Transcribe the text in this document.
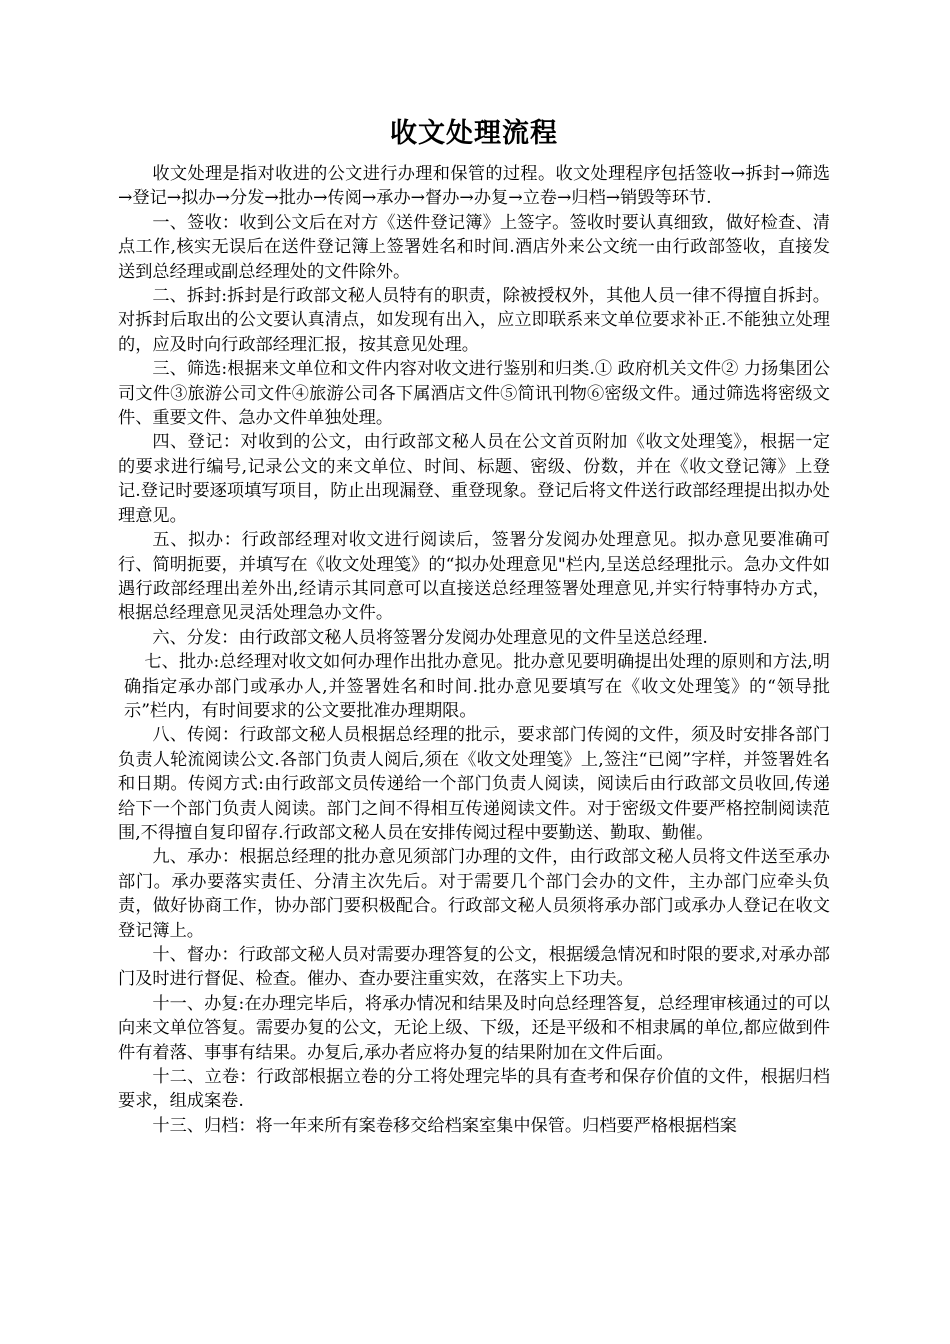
收文处理流程

收文处理是指对收进的公文进行办理和保管的过程。收文处理程序包括签收→拆封→筛选→登记→拟办→分发→批办→传阅→承办→督办→办复→立卷→归档→销毁等环节.

一、签收：收到公文后在对方《送件登记簿》上签字。签收时要认真细致，做好检查、清点工作,核实无误后在送件登记簿上签署姓名和时间.酒店外来公文统一由行政部签收，直接发送到总经理或副总经理处的文件除外。

二、拆封:拆封是行政部文秘人员特有的职责，除被授权外，其他人员一律不得擅自拆封。对拆封后取出的公文要认真清点，如发现有出入，应立即联系来文单位要求补正.不能独立处理的，应及时向行政部经理汇报，按其意见处理。

三、筛选:根据来文单位和文件内容对收文进行鉴别和归类.① 政府机关文件② 力扬集团公司文件③旅游公司文件④旅游公司各下属酒店文件⑤简讯刊物⑥密级文件。通过筛选将密级文件、重要文件、急办文件单独处理。

四、登记：对收到的公文，由行政部文秘人员在公文首页附加《收文处理笺》，根据一定的要求进行编号,记录公文的来文单位、时间、标题、密级、份数，并在《收文登记簿》上登记.登记时要逐项填写项目，防止出现漏登、重登现象。登记后将文件送行政部经理提出拟办处理意见。

五、拟办：行政部经理对收文进行阅读后，签署分发阅办处理意见。拟办意见要准确可行、简明扼要，并填写在《收文处理笺》的“拟办处理意见"栏内,呈送总经理批示。急办文件如遇行政部经理出差外出,经请示其同意可以直接送总经理签署处理意见,并实行特事特办方式，根据总经理意见灵活处理急办文件。

六、分发：由行政部文秘人员将签署分发阅办处理意见的文件呈送总经理.

七、批办:总经理对收文如何办理作出批办意见。批办意见要明确提出处理的原则和方法,明确指定承办部门或承办人,并签署姓名和时间.批办意见要填写在《收文处理笺》的“领导批示”栏内，有时间要求的公文要批准办理期限。

八、传阅：行政部文秘人员根据总经理的批示，要求部门传阅的文件，须及时安排各部门负责人轮流阅读公文.各部门负责人阅后,须在《收文处理笺》上,签注“已阅”字样，并签署姓名和日期。传阅方式:由行政部文员传递给一个部门负责人阅读，阅读后由行政部文员收回,传递给下一个部门负责人阅读。部门之间不得相互传递阅读文件。对于密级文件要严格控制阅读范围,不得擅自复印留存.行政部文秘人员在安排传阅过程中要勤送、勤取、勤催。

九、承办：根据总经理的批办意见须部门办理的文件，由行政部文秘人员将文件送至承办部门。承办要落实责任、分清主次先后。对于需要几个部门会办的文件，主办部门应牵头负责，做好协商工作，协办部门要积极配合。行政部文秘人员须将承办部门或承办人登记在收文登记簿上。

十、督办：行政部文秘人员对需要办理答复的公文，根据缓急情况和时限的要求,对承办部门及时进行督促、检查。催办、查办要注重实效，在落实上下功夫。

十一、办复:在办理完毕后，将承办情况和结果及时向总经理答复，总经理审核通过的可以向来文单位答复。需要办复的公文，无论上级、下级，还是平级和不相隶属的单位,都应做到件件有着落、事事有结果。办复后,承办者应将办复的结果附加在文件后面。

十二、立卷：行政部根据立卷的分工将处理完毕的具有查考和保存价值的文件，根据归档要求，组成案卷.

十三、归档：将一年来所有案卷移交给档案室集中保管。归档要严格根据档案
